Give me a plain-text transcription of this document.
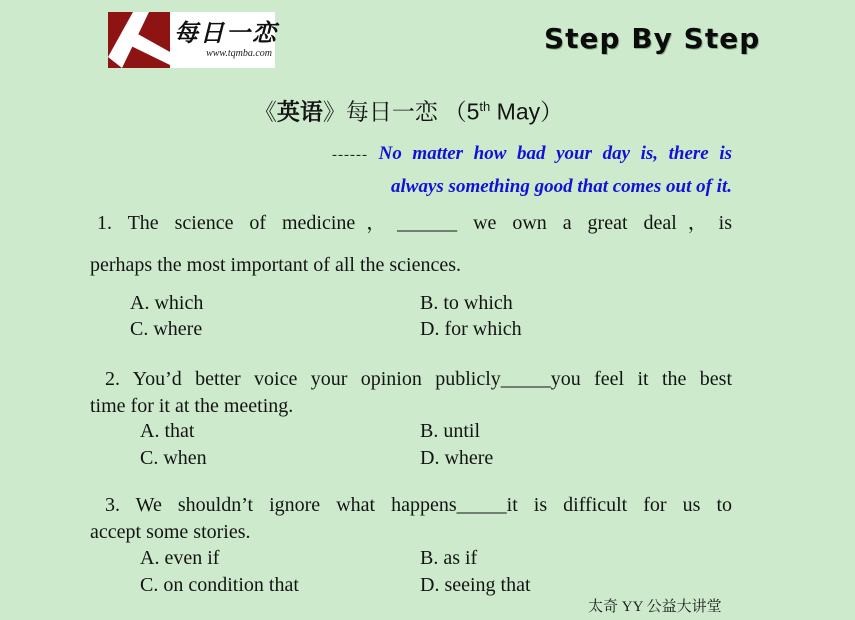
每日一恋
www.tqmba.com	Step By Step
《英语》每日一恋 （5th May）
------ No matter how bad your day is, there is
always something good that comes out of it.
1. The science of medicine，______ we own a great deal，is
perhaps the most important of all the sciences.
A. which	B. to which
C. where	D. for which
2. You’d better voice your opinion publicly_____you feel it the best
time for it at the meeting.
A. that	B. until
C. when	D. where
3. We shouldn’t ignore what happens_____it is difficult for us to
accept some stories.
A. even if	B. as if
C. on condition that	D. seeing that
太奇 YY 公益大讲堂
